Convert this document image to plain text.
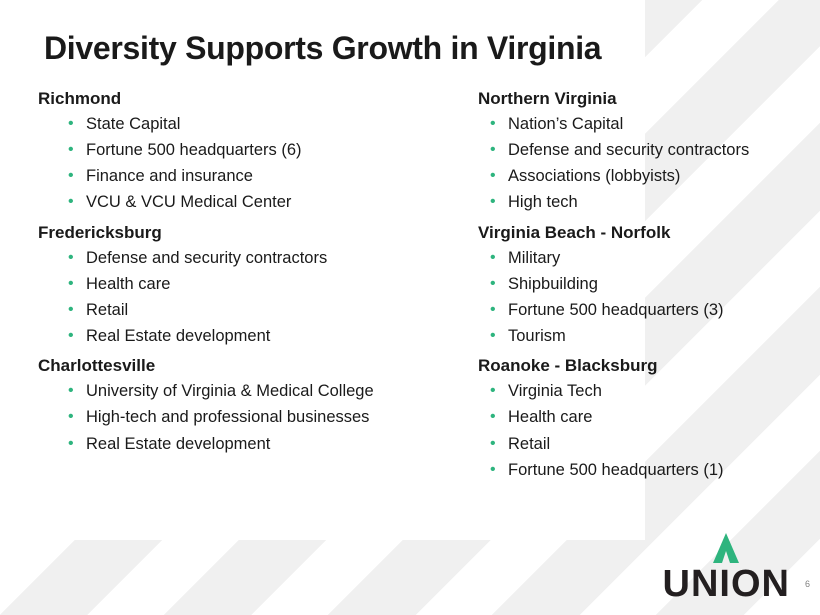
Diversity Supports Growth in Virginia
Richmond
• State Capital
• Fortune 500 headquarters (6)
• Finance and insurance
• VCU & VCU Medical Center
Fredericksburg
• Defense and security contractors
• Health care
• Retail
• Real Estate development
Charlottesville
• University of Virginia & Medical College
• High-tech and professional businesses
• Real Estate development
Northern Virginia
• Nation’s Capital
• Defense and security contractors
• Associations (lobbyists)
• High tech
Virginia Beach - Norfolk
• Military
• Shipbuilding
• Fortune 500 headquarters (3)
• Tourism
Roanoke - Blacksburg
• Virginia Tech
• Health care
• Retail
• Fortune 500 headquarters (1)
UNION 6
